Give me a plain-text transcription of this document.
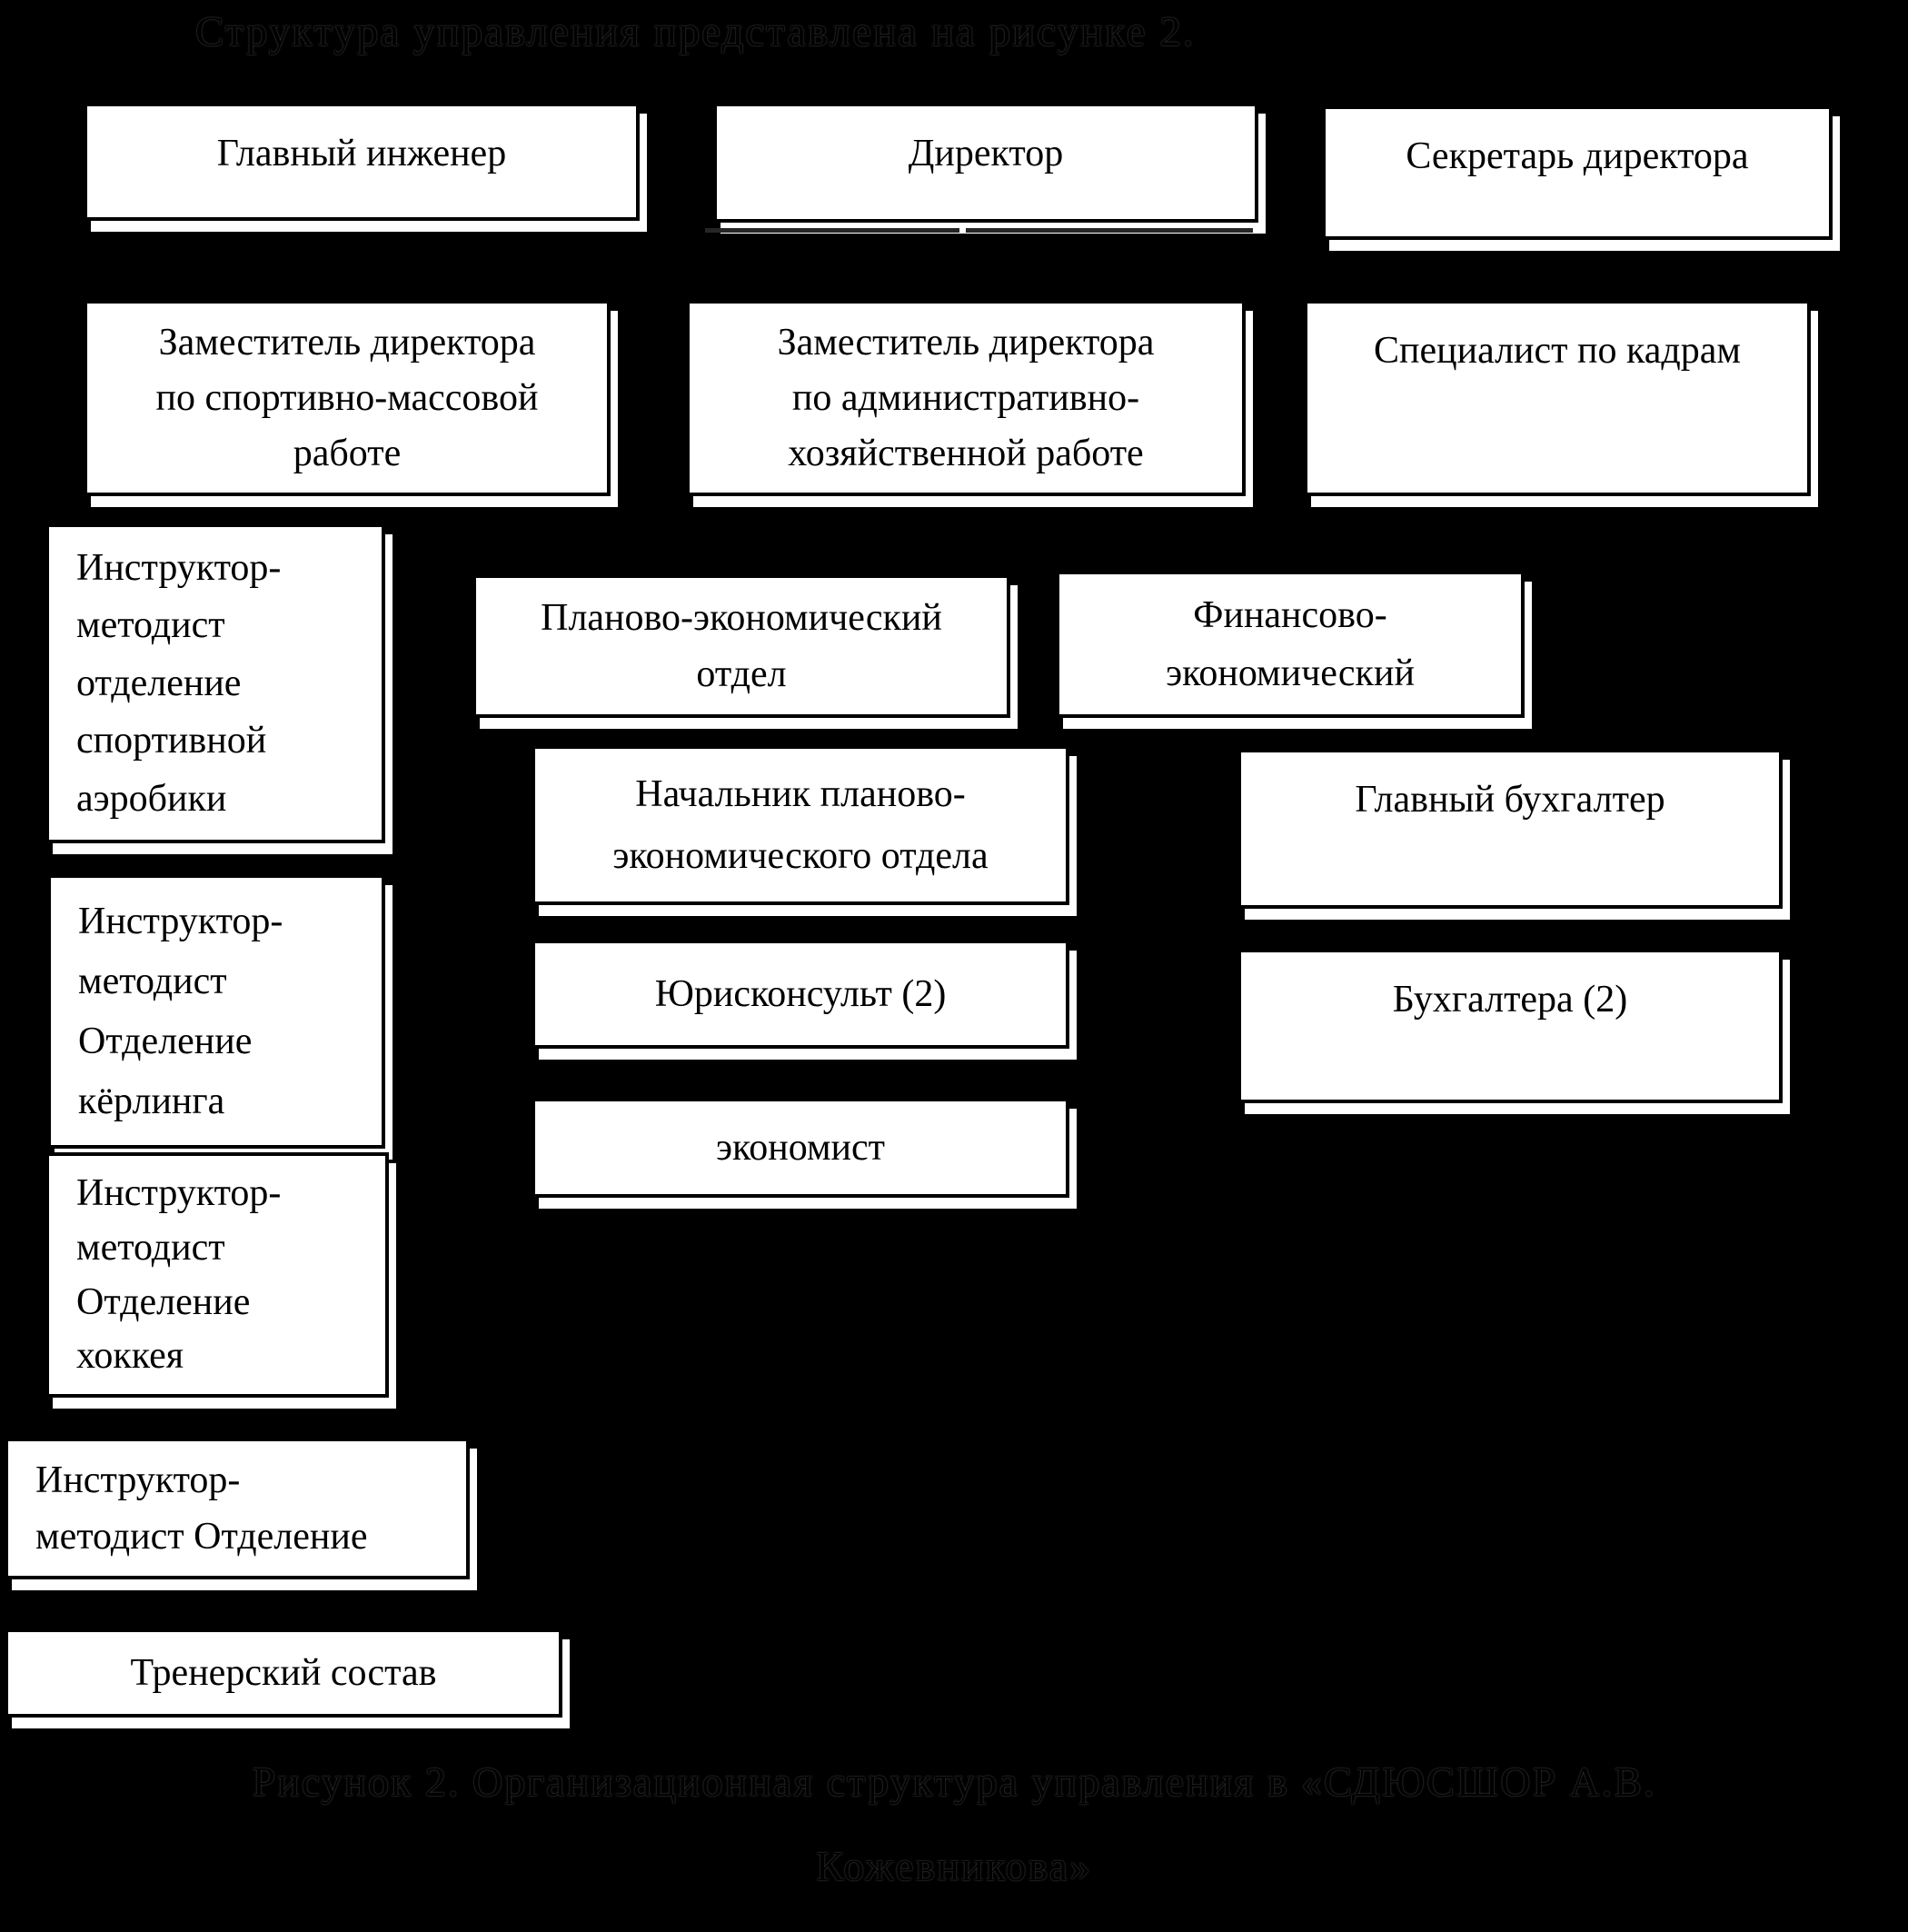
Структура управления представлена на рисунке 2.
Главный инженер	Директор	Секретарь директора
Заместитель директора
по спортивно-массовой
работе
Заместитель директора
по административно-
хозяйственной работе
Специалист по кадрам
Инструктор-
методист
отделение
спортивной
аэробики
Планово-экономический
отдел
Финансово-
экономический
Начальник планово-
экономического отдела
Главный бухгалтер
Инструктор-
методист
Отделение
кёрлинга
Юрисконсульт (2)	Бухгалтера (2)
экономист
Инструктор-
методист
Отделение
хоккея
Инструктор-
методист Отделение
Тренерский состав
Рисунок 2. Организационная структура управления в «СДЮСШОР А.В.
Кожевникова»
